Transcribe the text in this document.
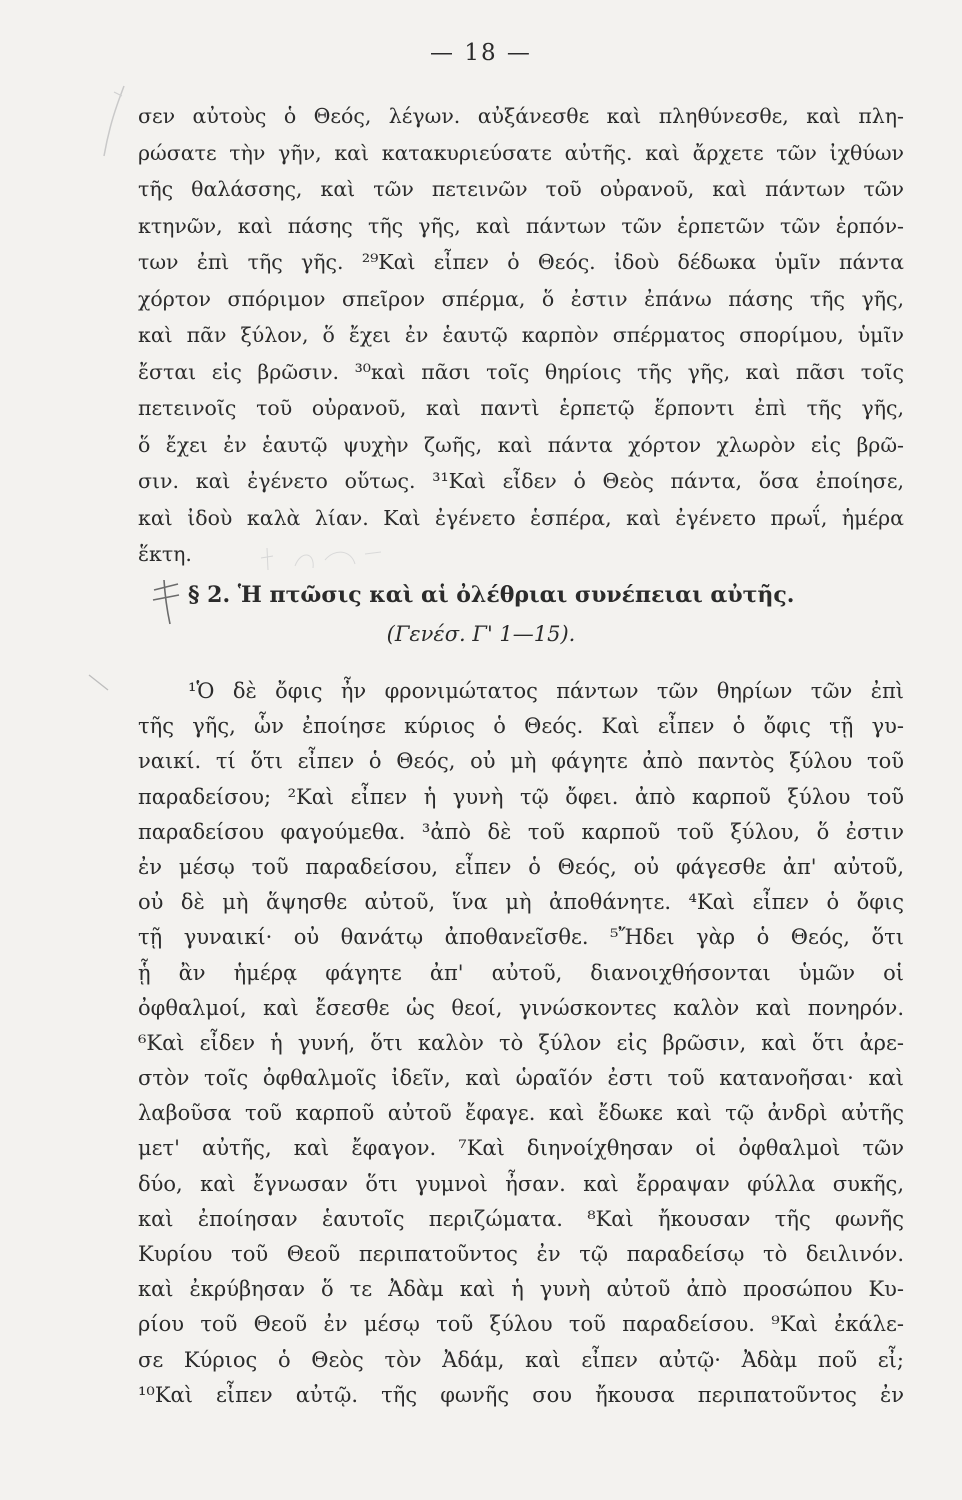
— 18 —
σεν αὐτοὺς ὁ Θεός, λέγων. αὐξάνεσθε καὶ πληθύνεσθε, καὶ πλη-
ρώσατε τὴν γῆν, καὶ κατακυριεύσατε αὐτῆς. καὶ ἄρχετε τῶν ἰχθύων
τῆς θαλάσσης, καὶ τῶν πετεινῶν τοῦ οὐρανοῦ, καὶ πάντων τῶν
κτηνῶν, καὶ πάσης τῆς γῆς, καὶ πάντων τῶν ἑρπετῶν τῶν ἑρπόν-
των ἐπὶ τῆς γῆς. ²⁹Καὶ εἶπεν ὁ Θεός. ἰδοὺ δέδωκα ὑμῖν πάντα
χόρτον σπόριμον σπεῖρον σπέρμα, ὅ ἐστιν ἐπάνω πάσης τῆς γῆς,
καὶ πᾶν ξύλον, ὅ ἔχει ἐν ἑαυτῷ καρπὸν σπέρματος σπορίμου, ὑμῖν
ἔσται εἰς βρῶσιν. ³⁰καὶ πᾶσι τοῖς θηρίοις τῆς γῆς, καὶ πᾶσι τοῖς
πετεινοῖς τοῦ οὐρανοῦ, καὶ παντὶ ἑρπετῷ ἕρποντι ἐπὶ τῆς γῆς,
ὅ ἔχει ἐν ἑαυτῷ ψυχὴν ζωῆς, καὶ πάντα χόρτον χλωρὸν εἰς βρῶ-
σιν. καὶ ἐγένετο οὕτως. ³¹Καὶ εἶδεν ὁ Θεὸς πάντα, ὅσα ἐποίησε,
καὶ ἰδοὺ καλὰ λίαν. Καὶ ἐγένετο ἑσπέρα, καὶ ἐγένετο πρωΐ, ἡμέρα
ἕκτη.
§ 2. Ἡ πτῶσις καὶ αἱ ὀλέθριαι συνέπειαι αὐτῆς.
(Γενέσ. Γ' 1—15).
¹Ὁ δὲ ὄφις ἦν φρονιμώτατος πάντων τῶν θηρίων τῶν ἐπὶ
τῆς γῆς, ὧν ἐποίησε κύριος ὁ Θεός. Καὶ εἶπεν ὁ ὄφις τῇ γυ-
ναικί. τί ὅτι εἶπεν ὁ Θεός, οὐ μὴ φάγητε ἀπὸ παντὸς ξύλου τοῦ
παραδείσου; ²Καὶ εἶπεν ἡ γυνὴ τῷ ὄφει. ἀπὸ καρποῦ ξύλου τοῦ
παραδείσου φαγούμεθα. ³ἀπὸ δὲ τοῦ καρποῦ τοῦ ξύλου, ὅ ἐστιν
ἐν μέσῳ τοῦ παραδείσου, εἶπεν ὁ Θεός, οὐ φάγεσθε ἀπ' αὐτοῦ,
οὐ δὲ μὴ ἅψησθε αὐτοῦ, ἵνα μὴ ἀποθάνητε. ⁴Καὶ εἶπεν ὁ ὄφις
τῇ γυναικί· οὐ θανάτῳ ἀποθανεῖσθε. ⁵Ἤδει γὰρ ὁ Θεός, ὅτι
ᾗ ἂν ἡμέρᾳ φάγητε ἀπ' αὐτοῦ, διανοιχθήσονται ὑμῶν οἱ
ὀφθαλμοί, καὶ ἔσεσθε ὡς θεοί, γινώσκοντες καλὸν καὶ πονηρόν.
⁶Καὶ εἶδεν ἡ γυνή, ὅτι καλὸν τὸ ξύλον εἰς βρῶσιν, καὶ ὅτι ἀρε-
στὸν τοῖς ὀφθαλμοῖς ἰδεῖν, καὶ ὡραῖόν ἐστι τοῦ κατανοῆσαι· καὶ
λαβοῦσα τοῦ καρποῦ αὐτοῦ ἔφαγε. καὶ ἔδωκε καὶ τῷ ἀνδρὶ αὐτῆς
μετ' αὐτῆς, καὶ ἔφαγον. ⁷Καὶ διηνοίχθησαν οἱ ὀφθαλμοὶ τῶν
δύο, καὶ ἔγνωσαν ὅτι γυμνοὶ ἦσαν. καὶ ἔρραψαν φύλλα συκῆς,
καὶ ἐποίησαν ἑαυτοῖς περιζώματα. ⁸Καὶ ἤκουσαν τῆς φωνῆς
Κυρίου τοῦ Θεοῦ περιπατοῦντος ἐν τῷ παραδείσῳ τὸ δειλινόν.
καὶ ἐκρύβησαν ὅ τε Ἀδὰμ καὶ ἡ γυνὴ αὐτοῦ ἀπὸ προσώπου Κυ-
ρίου τοῦ Θεοῦ ἐν μέσῳ τοῦ ξύλου τοῦ παραδείσου. ⁹Καὶ ἐκάλε-
σε Κύριος ὁ Θεὸς τὸν Ἀδάμ, καὶ εἶπεν αὐτῷ· Ἀδὰμ ποῦ εἶ;
¹⁰Καὶ εἶπεν αὐτῷ. τῆς φωνῆς σου ἤκουσα περιπατοῦντος ἐν
